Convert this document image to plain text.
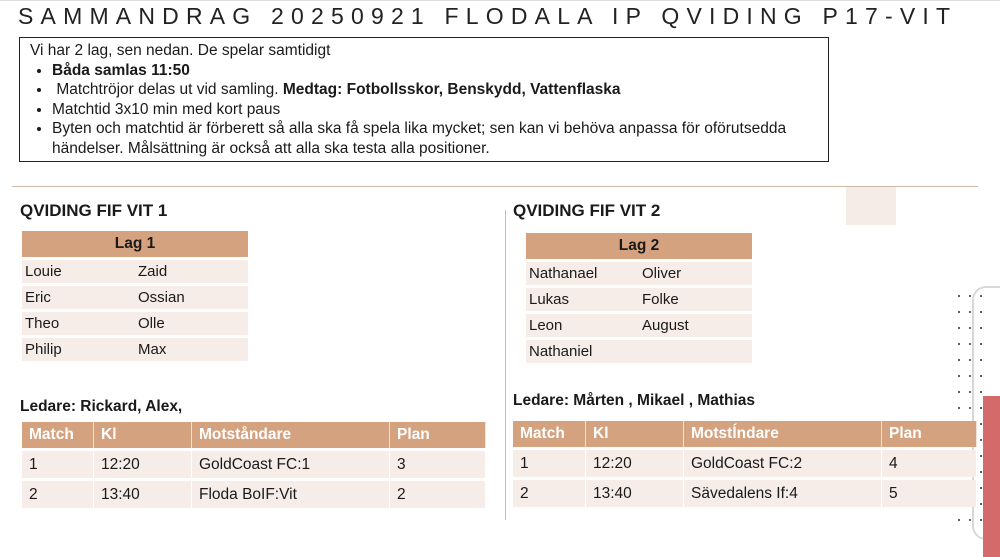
SAMMANDRAG 20250921 FLODALA IP QVIDING P17-VIT
Vi har 2 lag, sen nedan. De spelar samtidigt
• Båda samlas 11:50
• Matchtröjor delas ut vid samling. Medtag: Fotbollsskor, Benskydd, Vattenflaska
• Matchtid 3x10 min med kort paus
• Byten och matchtid är förberett så alla ska få spela lika mycket; sen kan vi behöva anpassa för oförutsedda händelser. Målsättning är också att alla ska testa alla positioner.
QVIDING FIF VIT 1
Lag 1	
Louie	Zaid
Eric	Ossian
Theo	Olle
Philip	Max
Ledare: Rickard, Alex,
Match	Kl	Motståndare	Plan
1	12:20	GoldCoast FC:1	3
2	13:40	Floda BoIF:Vit	2
QVIDING FIF VIT 2
Lag 2	
Nathanael	Oliver
Lukas	Folke
Leon	August
Nathaniel	
Ledare: Mårten , Mikael , Mathias
Match	Kl	Motstĺndare	Plan
1	12:20	GoldCoast FC:2	4
2	13:40	Sävedalens If:4	5
